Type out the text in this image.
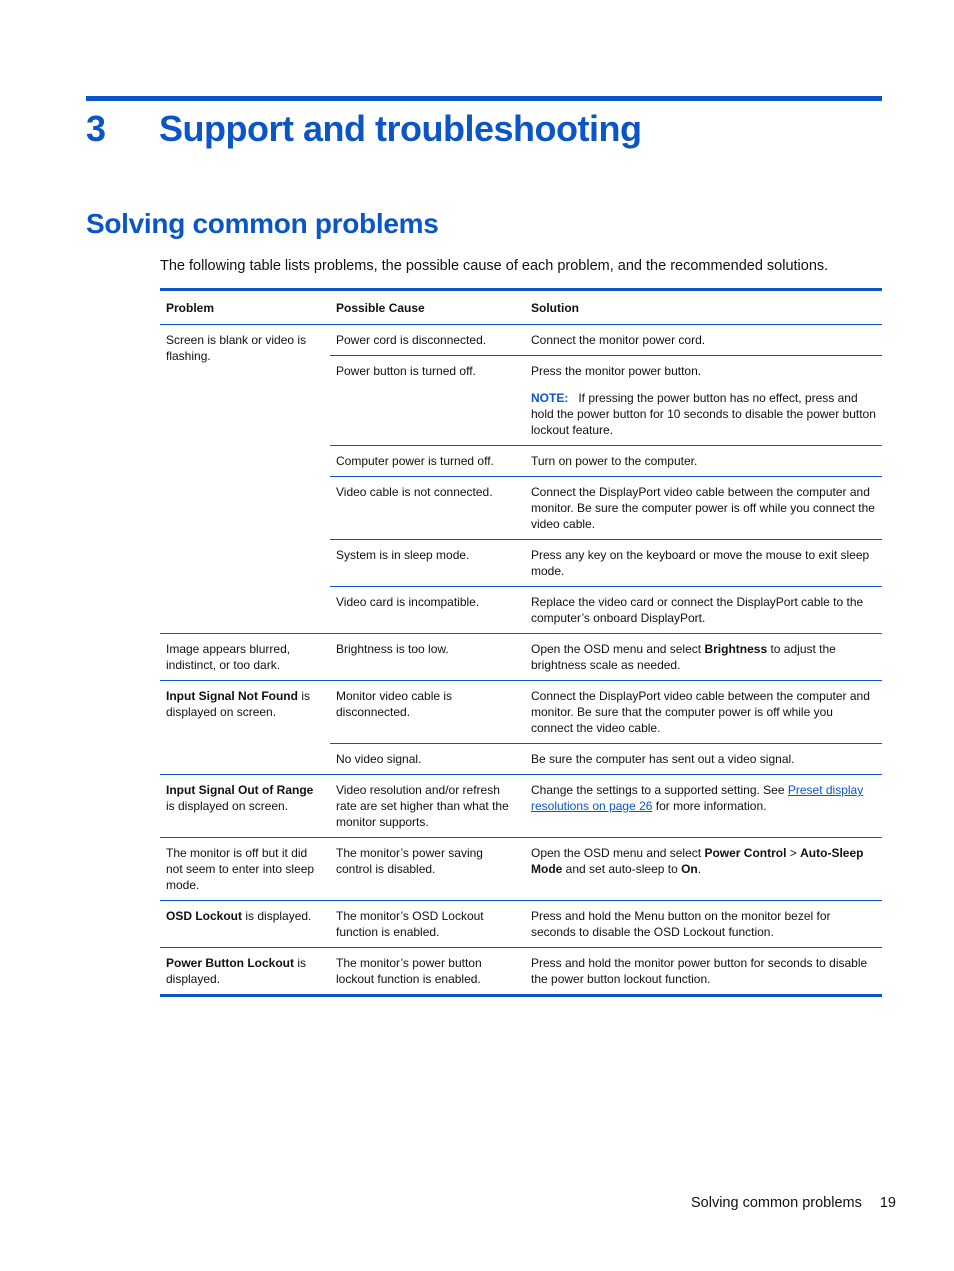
3 Support and troubleshooting
Solving common problems

The following table lists problems, the possible cause of each problem, and the recommended solutions.

Problem	Possible Cause	Solution
Screen is blank or video is flashing.	Power cord is disconnected.	Connect the monitor power cord.
	Power button is turned off.	Press the monitor power button.
NOTE: If pressing the power button has no effect, press and hold the power button for 10 seconds to disable the power button lockout feature.

	Computer power is turned off.	Turn on power to the computer.
	Video cable is not connected.	Connect the DisplayPort video cable between the computer and monitor. Be sure the computer power is off while you connect the video cable.
	System is in sleep mode.	Press any key on the keyboard or move the mouse to exit sleep mode.
	Video card is incompatible.	Replace the video card or connect the DisplayPort cable to the computer’s onboard DisplayPort.
Image appears blurred, indistinct, or too dark.	Brightness is too low.	Open the OSD menu and select Brightness to adjust the brightness scale as needed.
Input Signal Not Found is displayed on screen.	Monitor video cable is disconnected.	Connect the DisplayPort video cable between the computer and monitor. Be sure that the computer power is off while you connect the video cable.
	No video signal.	Be sure the computer has sent out a video signal.
Input Signal Out of Range is displayed on screen.	Video resolution and/or refresh rate are set higher than what the monitor supports.	Change the settings to a supported setting. See Preset display resolutions on page 26 for more information.
The monitor is off but it did not seem to enter into sleep mode.	The monitor’s power saving control is disabled.	Open the OSD menu and select Power Control > Auto-Sleep Mode and set auto-sleep to On.
OSD Lockout is displayed.	The monitor’s OSD Lockout function is enabled.	Press and hold the Menu button on the monitor bezel for seconds to disable the OSD Lockout function.
Power Button Lockout is displayed.	The monitor’s power button lockout function is enabled.	Press and hold the monitor power button for seconds to disable the power button lockout function.
Solving common problems 19
